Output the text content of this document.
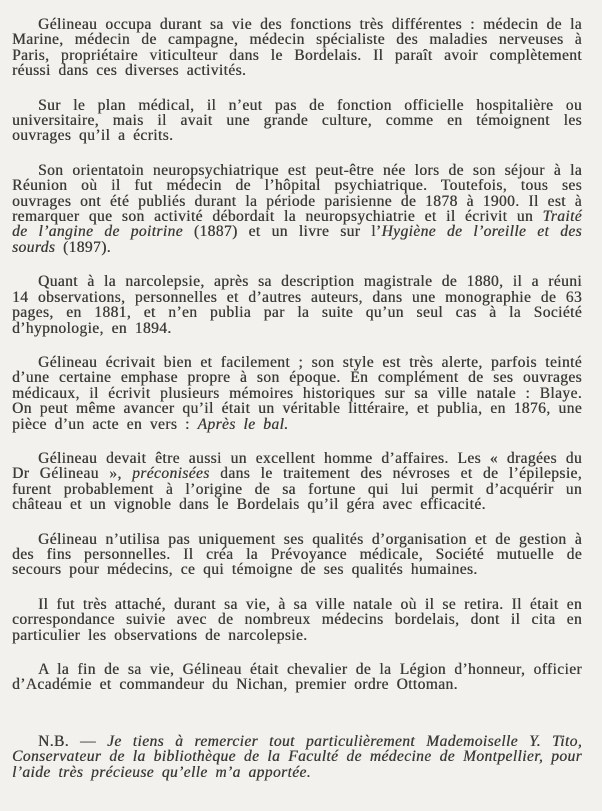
Gélineau occupa durant sa vie des fonctions très différentes : médecin de la Marine, médecin de campagne, médecin spécialiste des maladies nerveuses à Paris, propriétaire viticulteur dans le Bordelais. Il paraît avoir complètement réussi dans ces diverses activités.

Sur le plan médical, il n’eut pas de fonction officielle hospitalière ou universitaire, mais il avait une grande culture, comme en témoignent les ouvrages qu’il a écrits.

Son orientatoin neuropsychiatrique est peut-être née lors de son séjour à la Réunion où il fut médecin de l’hôpital psychiatrique. Toutefois, tous ses ouvrages ont été publiés durant la période parisienne de 1878 à 1900. Il est à remarquer que son activité débordait la neuropsychiatrie et il écrivit un Traité de l’angine de poitrine (1887) et un livre sur l’Hygiène de l’oreille et des sourds (1897).

Quant à la narcolepsie, après sa description magistrale de 1880, il a réuni 14 observations, personnelles et d’autres auteurs, dans une monographie de 63 pages, en 1881, et n’en publia par la suite qu’un seul cas à la Société d’hypnologie, en 1894.

Gélineau écrivait bien et facilement ; son style est très alerte, parfois teinté d’une certaine emphase propre à son époque. En complément de ses ouvrages médicaux, il écrivit plusieurs mémoires historiques sur sa ville natale : Blaye. On peut même avancer qu’il était un véritable littéraire, et publia, en 1876, une pièce d’un acte en vers : Après le bal.

Gélineau devait être aussi un excellent homme d’affaires. Les « dragées du Dr Gélineau », préconisées dans le traitement des névroses et de l’épilepsie, furent probablement à l’origine de sa fortune qui lui permit d’acquérir un château et un vignoble dans le Bordelais qu’il géra avec efficacité.

Gélineau n’utilisa pas uniquement ses qualités d’organisation et de gestion à des fins personnelles. Il créa la Prévoyance médicale, Société mutuelle de secours pour médecins, ce qui témoigne de ses qualités humaines.

Il fut très attaché, durant sa vie, à sa ville natale où il se retira. Il était en correspondance suivie avec de nombreux médecins bordelais, dont il cita en particulier les observations de narcolepsie.

A la fin de sa vie, Gélineau était chevalier de la Légion d’honneur, officier d’Académie et commandeur du Nichan, premier ordre Ottoman.

N.B. — Je tiens à remercier tout particulièrement Mademoiselle Y. Tito, Conservateur de la bibliothèque de la Faculté de médecine de Montpellier, pour l’aide très précieuse qu’elle m’a apportée.
